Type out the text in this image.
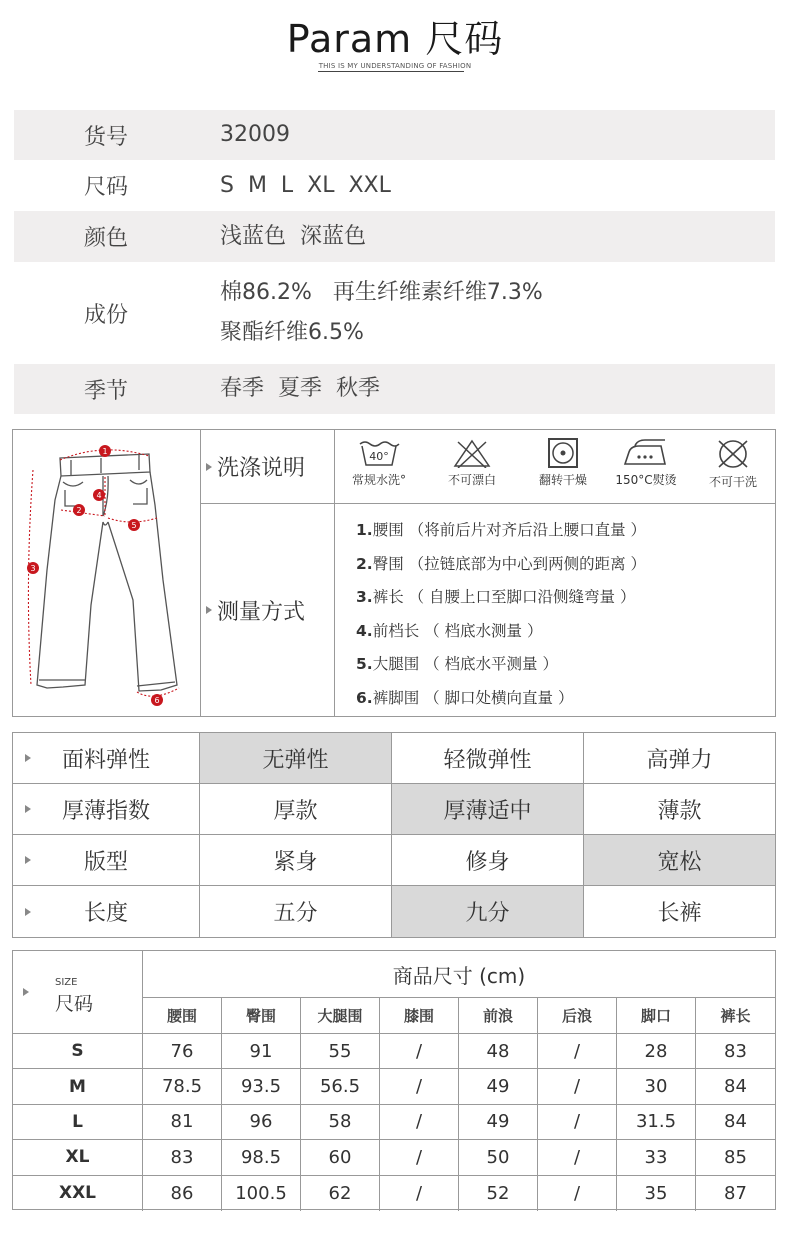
Param 尺码
THIS IS MY UNDERSTANDING OF FASHION
货号	32009
尺码	S  M  L  XL  XXL
颜色	浅蓝色  深蓝色
成份
棉86.2%   再生纤维素纤维7.3%
聚酯纤维6.5%
季节	春季  夏季  秋季
1
2
3
4
5
6
洗涤说明	40°
常规水洗°	不可漂白	翻转干燥	150°C熨烫	不可干洗
测量方式
1.腰围 （将前后片对齐后沿上腰口直量 ）
2.臀围 （拉链底部为中心到两侧的距离 ）
3.裤长 （ 自腰上口至脚口沿侧缝弯量 ）
4.前档长 （ 档底水测量 ）
5.大腿围 （ 档底水平测量 ）
6.裤脚围 （ 脚口处横向直量 ）
面料弹性	无弹性	轻微弹性	高弹力
厚薄指数	厚款	厚薄适中	薄款
版型	紧身	修身	宽松
长度	五分	九分	长裤
SIZE
尺码
商品尺寸 (cm)
腰围	臀围	大腿围	膝围	前浪	后浪	脚口	裤长
S	76	91	55	/	48	/	28	83
M	78.5	93.5	56.5	/	49	/	30	84
L	81	96	58	/	49	/	31.5	84
XL	83	98.5	60	/	50	/	33	85
XXL	86	100.5	62	/	52	/	35	87
